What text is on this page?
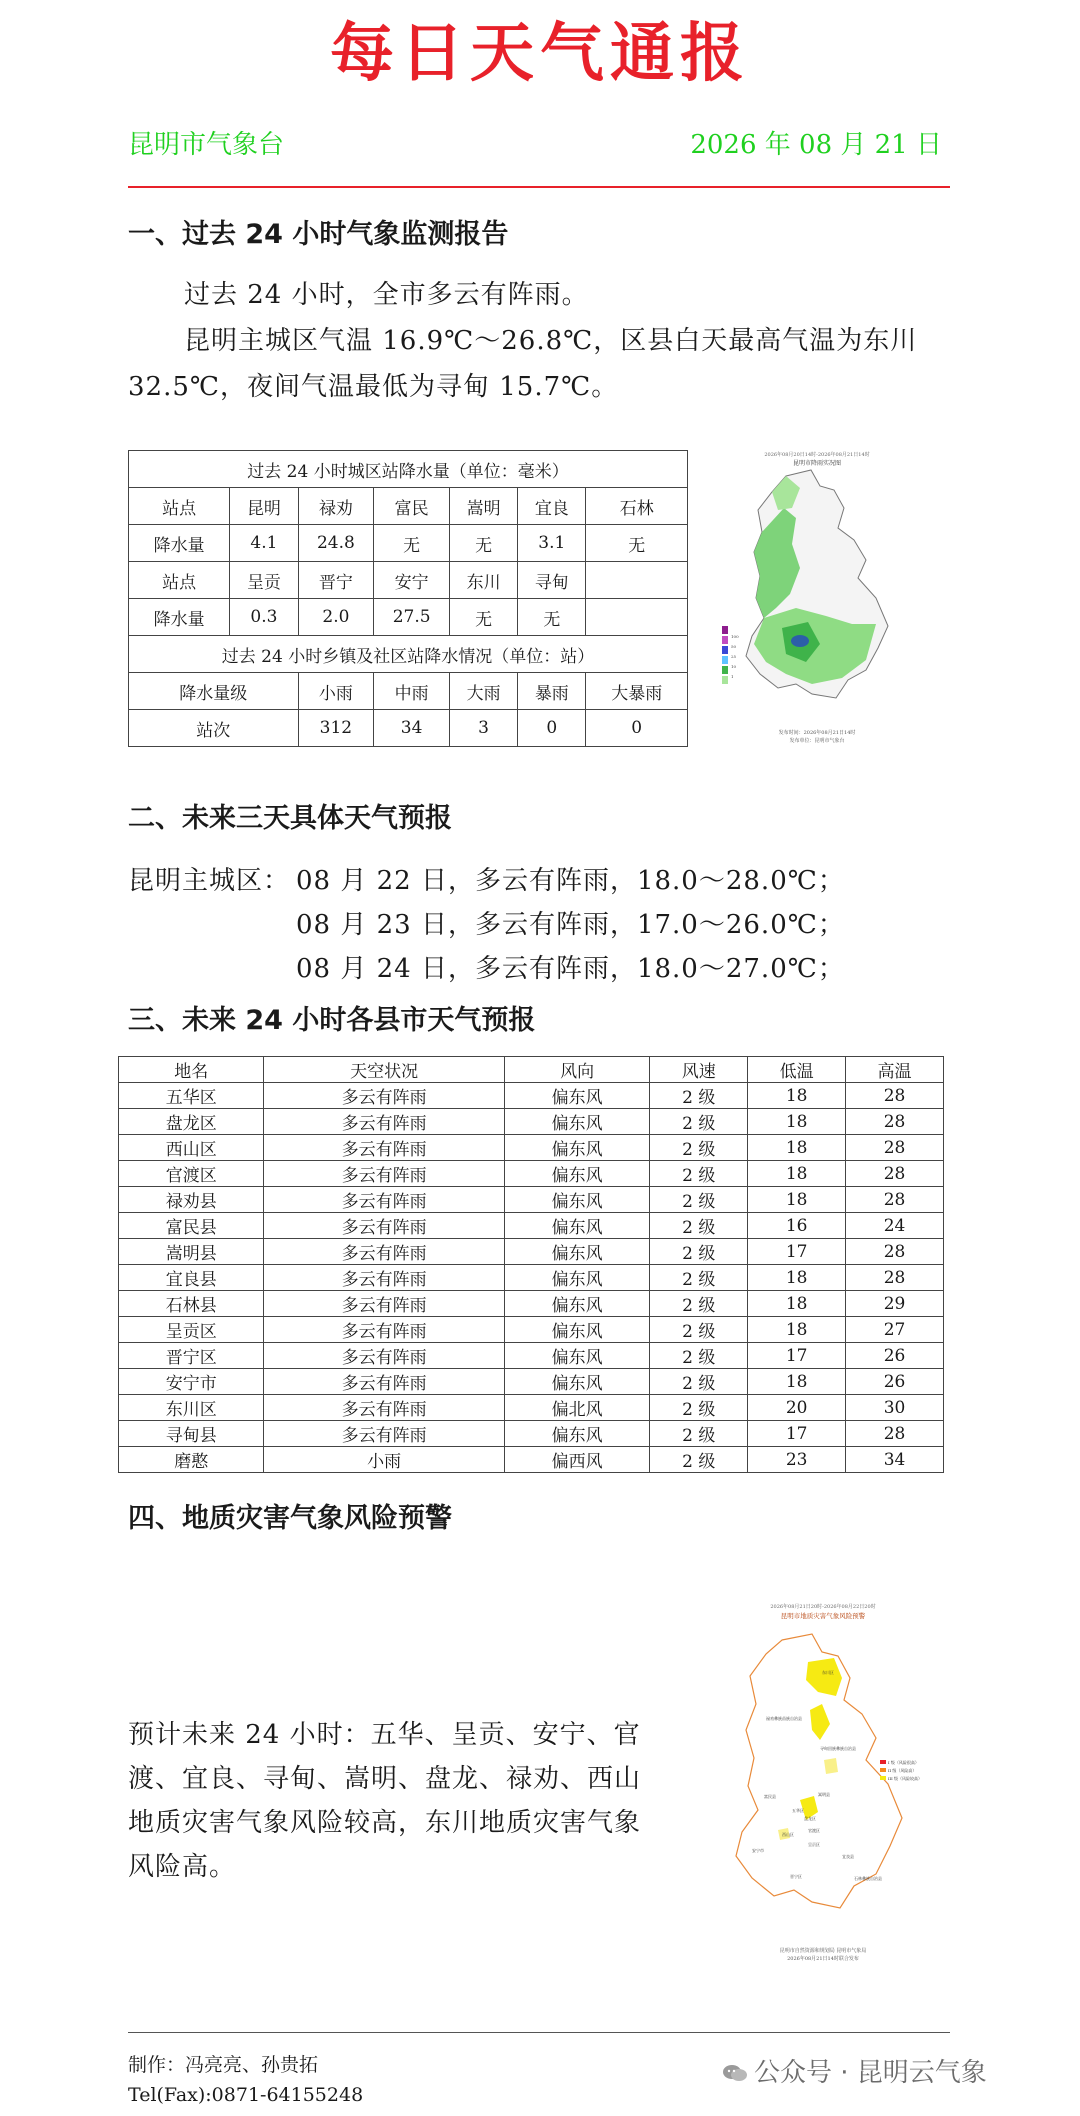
每日天气通报
昆明市气象台	2026 年 08 月 21 日
一、过去 24 小时气象监测报告
过去 24 小时，全市多云有阵雨。
昆明主城区气温 16.9℃～26.8℃，区县白天最高气温为东川
32.5℃，夜间气温最低为寻甸 15.7℃。
过去 24 小时城区站降水量（单位：毫米）						
站点	昆明	禄劝	富民	嵩明	宜良	石林
降水量	4.1	24.8	无	无	3.1	无
站点	呈贡	晋宁	安宁	东川	寻甸	
降水量	0.3	2.0	27.5	无	无	
过去 24 小时乡镇及社区站降水情况（单位：站）						
降水量级		小雨	中雨	大雨	暴雨	大暴雨
站次		312	34	3	0	0
2026年08月20日14时-2026年08月21日14时
昆明市降雨实况图
100
50
25
10
1
发布时间：2026年08月21日14时
发布单位：昆明市气象台
二、未来三天具体天气预报
昆明主城区： 08 月 22 日，多云有阵雨，18.0～28.0℃；
08 月 23 日，多云有阵雨，17.0～26.0℃；
08 月 24 日，多云有阵雨，18.0～27.0℃；
三、未来 24 小时各县市天气预报
地名	天空状况	风向	风速	低温	高温
五华区	多云有阵雨	偏东风	2 级	18	28
盘龙区	多云有阵雨	偏东风	2 级	18	28
西山区	多云有阵雨	偏东风	2 级	18	28
官渡区	多云有阵雨	偏东风	2 级	18	28
禄劝县	多云有阵雨	偏东风	2 级	18	28
富民县	多云有阵雨	偏东风	2 级	16	24
嵩明县	多云有阵雨	偏东风	2 级	17	28
宜良县	多云有阵雨	偏东风	2 级	18	28
石林县	多云有阵雨	偏东风	2 级	18	29
呈贡区	多云有阵雨	偏东风	2 级	18	27
晋宁区	多云有阵雨	偏东风	2 级	17	26
安宁市	多云有阵雨	偏东风	2 级	18	26
东川区	多云有阵雨	偏北风	2 级	20	30
寻甸县	多云有阵雨	偏东风	2 级	17	28
磨憨	小雨	偏西风	2 级	23	34
四、地质灾害气象风险预警
预计未来 24 小时：五华、呈贡、安宁、官
渡、宜良、寻甸、嵩明、盘龙、禄劝、西山
地质灾害气象风险较高，东川地质灾害气象
风险高。
2026年08月21日20时-2026年08月22日20时
昆明市地质灾害气象风险预警
东川区
禄劝彝族苗族自治县
寻甸回族彝族自治县
富民县	嵩明县
五华区
盘龙区
官渡区
西山区
呈贡区
安宁市
宜良县
晋宁区	石林彝族自治县
I 级（风险很高）
II 级（风险高）
III 级（风险较高）
昆明市自然资源和规划局 昆明市气象局
2026年08月21日14时联合发布
制作：冯亮亮、孙贵拓
Tel(Fax):0871-64155248
公众号 · 昆明云气象
